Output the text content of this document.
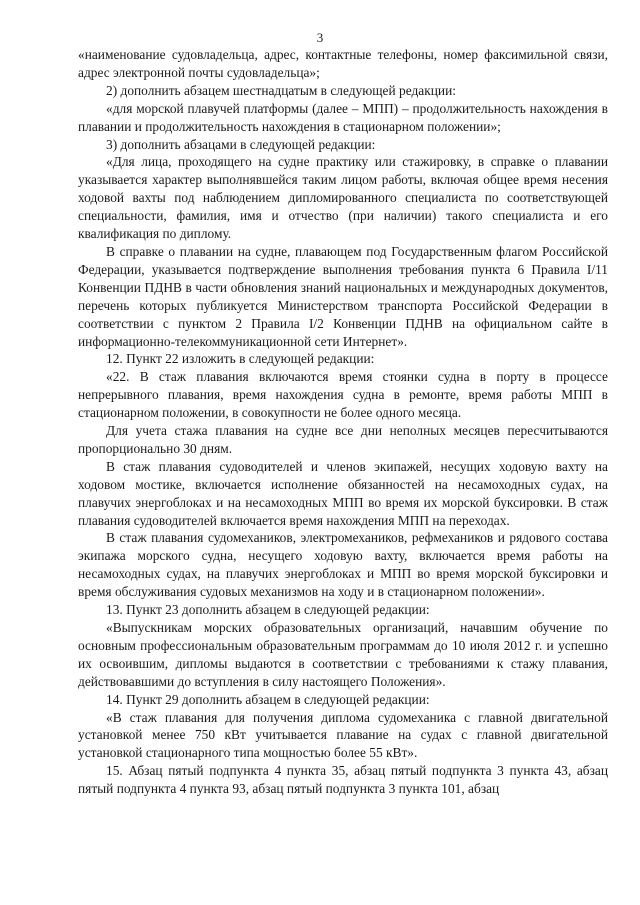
3

«наименование судовладельца, адрес, контактные телефоны, номер факсимильной связи, адрес электронной почты судовладельца»;

2) дополнить абзацем шестнадцатым в следующей редакции:

«для морской плавучей платформы (далее – МПП) – продолжительность нахождения в плавании и продолжительность нахождения в стационарном положении»;

3) дополнить абзацами в следующей редакции:

«Для лица, проходящего на судне практику или стажировку, в справке о плавании указывается характер выполнявшейся таким лицом работы, включая общее время несения ходовой вахты под наблюдением дипломированного специалиста по соответствующей специальности, фамилия, имя и отчество (при наличии) такого специалиста и его квалификация по диплому.

В справке о плавании на судне, плавающем под Государственным флагом Российской Федерации, указывается подтверждение выполнения требования пункта 6 Правила I/11 Конвенции ПДНВ в части обновления знаний национальных и международных документов, перечень которых публикуется Министерством транспорта Российской Федерации в соответствии с пунктом 2 Правила I/2 Конвенции ПДНВ на официальном сайте в информационно-телекоммуникационной сети Интернет».

12. Пункт 22 изложить в следующей редакции:

«22. В стаж плавания включаются время стоянки судна в порту в процессе непрерывного плавания, время нахождения судна в ремонте, время работы МПП в стационарном положении, в совокупности не более одного месяца.

Для учета стажа плавания на судне все дни неполных месяцев пересчитываются пропорционально 30 дням.

В стаж плавания судоводителей и членов экипажей, несущих ходовую вахту на ходовом мостике, включается исполнение обязанностей на несамоходных судах, на плавучих энергоблоках и на несамоходных МПП во время их морской буксировки. В стаж плавания судоводителей включается время нахождения МПП на переходах.

В стаж плавания судомехаников, электромехаников, рефмехаников и рядового состава экипажа морского судна, несущего ходовую вахту, включается время работы на несамоходных судах, на плавучих энергоблоках и МПП во время морской буксировки и время обслуживания судовых механизмов на ходу и в стационарном положении».

13. Пункт 23 дополнить абзацем в следующей редакции:

«Выпускникам морских образовательных организаций, начавшим обучение по основным профессиональным образовательным программам до 10 июля 2012 г. и успешно их освоившим, дипломы выдаются в соответствии с требованиями к стажу плавания, действовавшими до вступления в силу настоящего Положения».

14. Пункт 29 дополнить абзацем в следующей редакции:

«В стаж плавания для получения диплома судомеханика с главной двигательной установкой менее 750 кВт учитывается плавание на судах с главной двигательной установкой стационарного типа мощностью более 55 кВт».

15. Абзац пятый подпункта 4 пункта 35, абзац пятый подпункта 3 пункта 43, абзац пятый подпункта 4 пункта 93, абзац пятый подпункта 3 пункта 101, абзац
